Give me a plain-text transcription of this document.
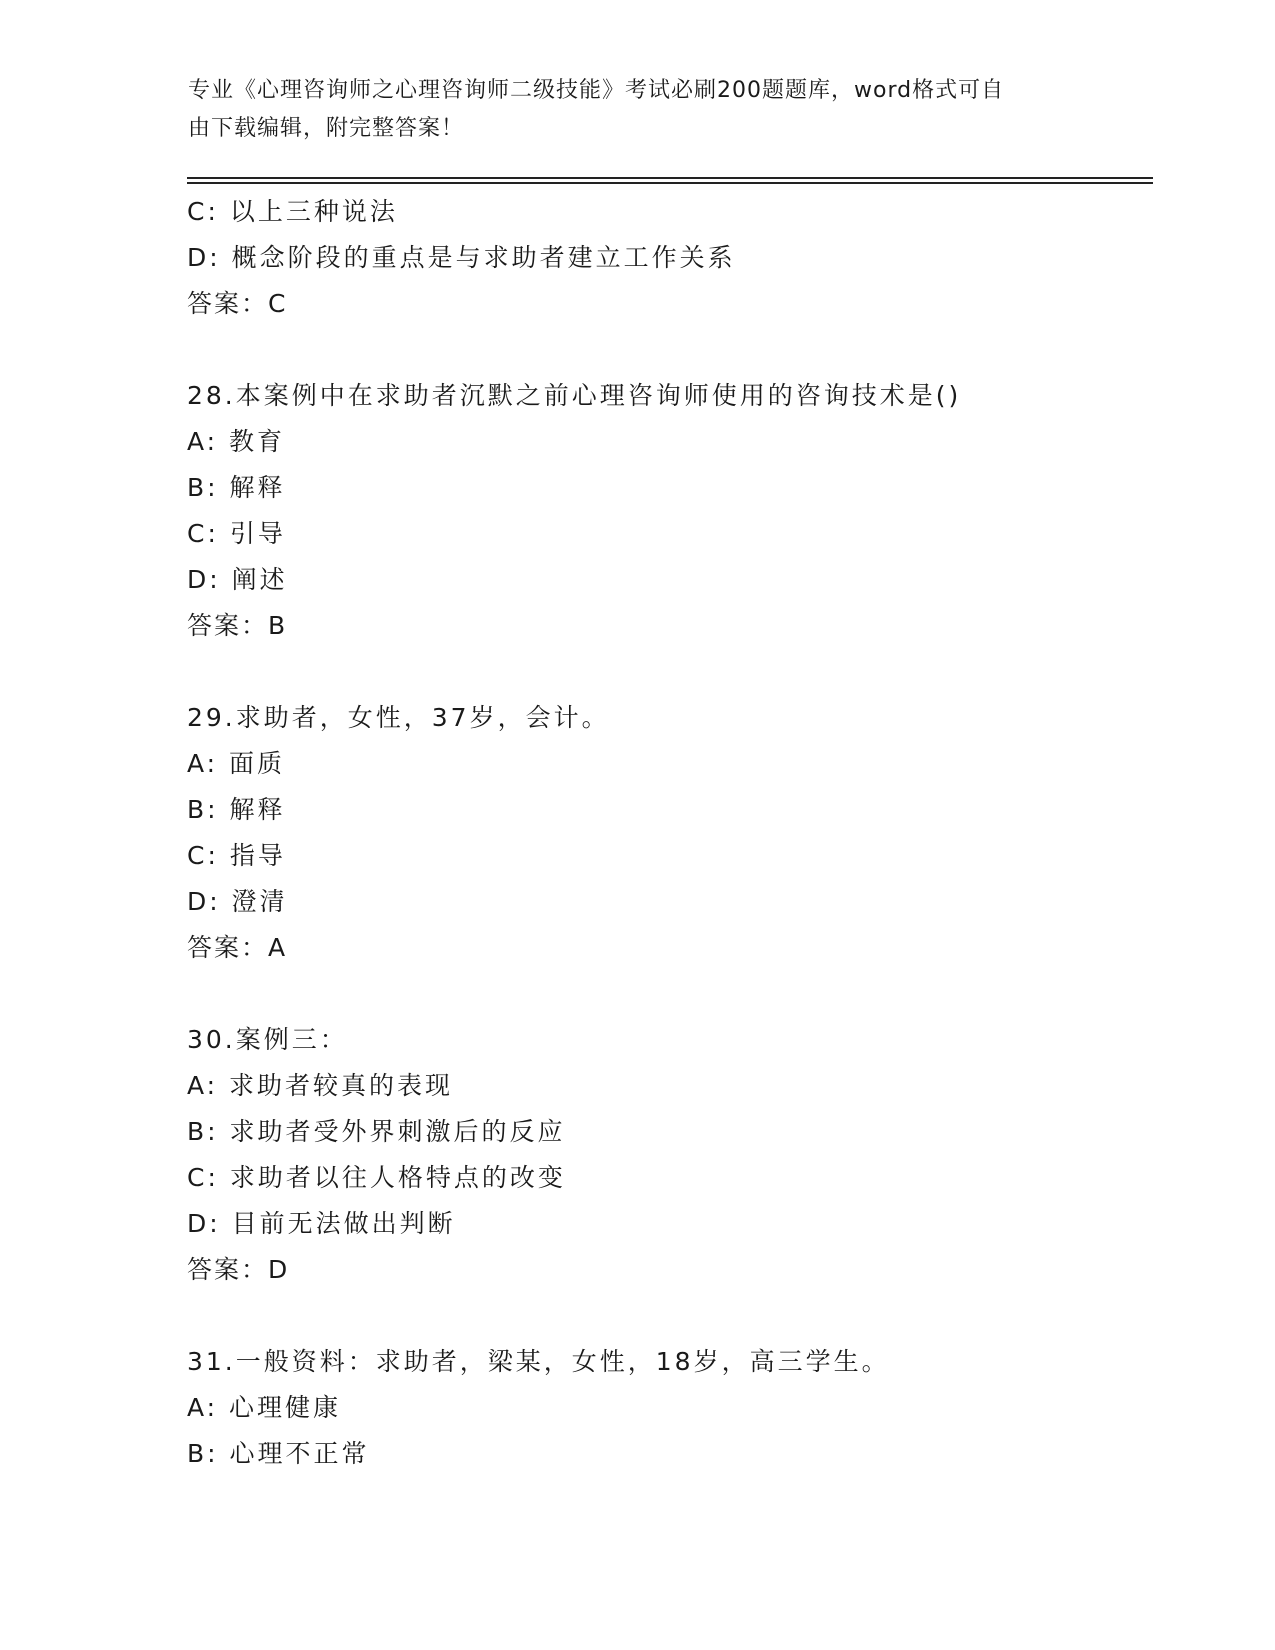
专业《心理咨询师之心理咨询师二级技能》考试必刷200题题库，word格式可自
由下载编辑，附完整答案！
C: 以上三种说法
D: 概念阶段的重点是与求助者建立工作关系
答案：C
28.本案例中在求助者沉默之前心理咨询师使用的咨询技术是()
A: 教育
B: 解释
C: 引导
D: 阐述
答案：B
29.求助者，女性，37岁，会计。
A: 面质
B: 解释
C: 指导
D: 澄清
答案：A
30.案例三：
A: 求助者较真的表现
B: 求助者受外界刺激后的反应
C: 求助者以往人格特点的改变
D: 目前无法做出判断
答案：D
31.一般资料：求助者，梁某，女性，18岁，高三学生。
A: 心理健康
B: 心理不正常
